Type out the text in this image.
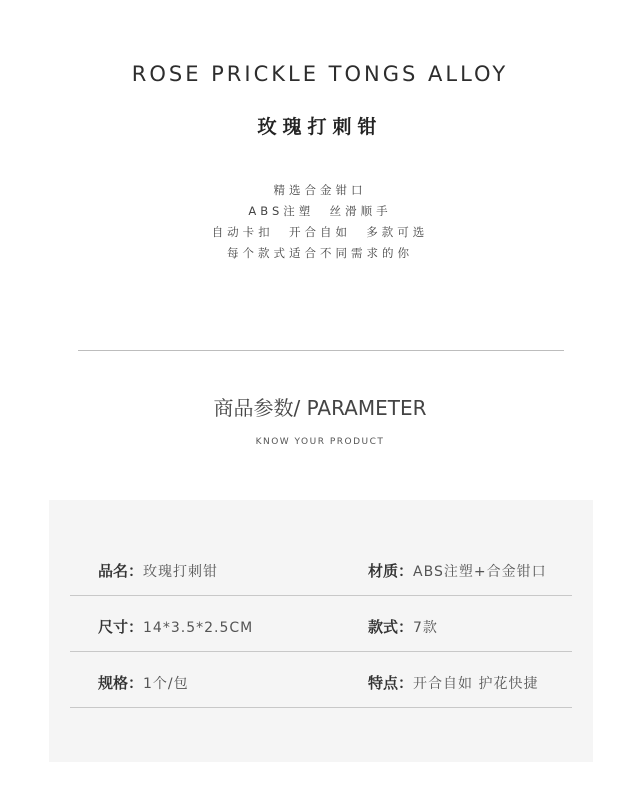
ROSE PRICKLE TONGS ALLOY
玫瑰打刺钳
精选合金钳口
ABS注塑  丝滑顺手
自动卡扣  开合自如  多款可选
每个款式适合不同需求的你
商品参数/ PARAMETER
KNOW YOUR PRODUCT
品名：玫瑰打刺钳	材质：ABS注塑+合金钳口
尺寸：14*3.5*2.5CM	款式：7款
规格：1个/包	特点：开合自如 护花快捷
